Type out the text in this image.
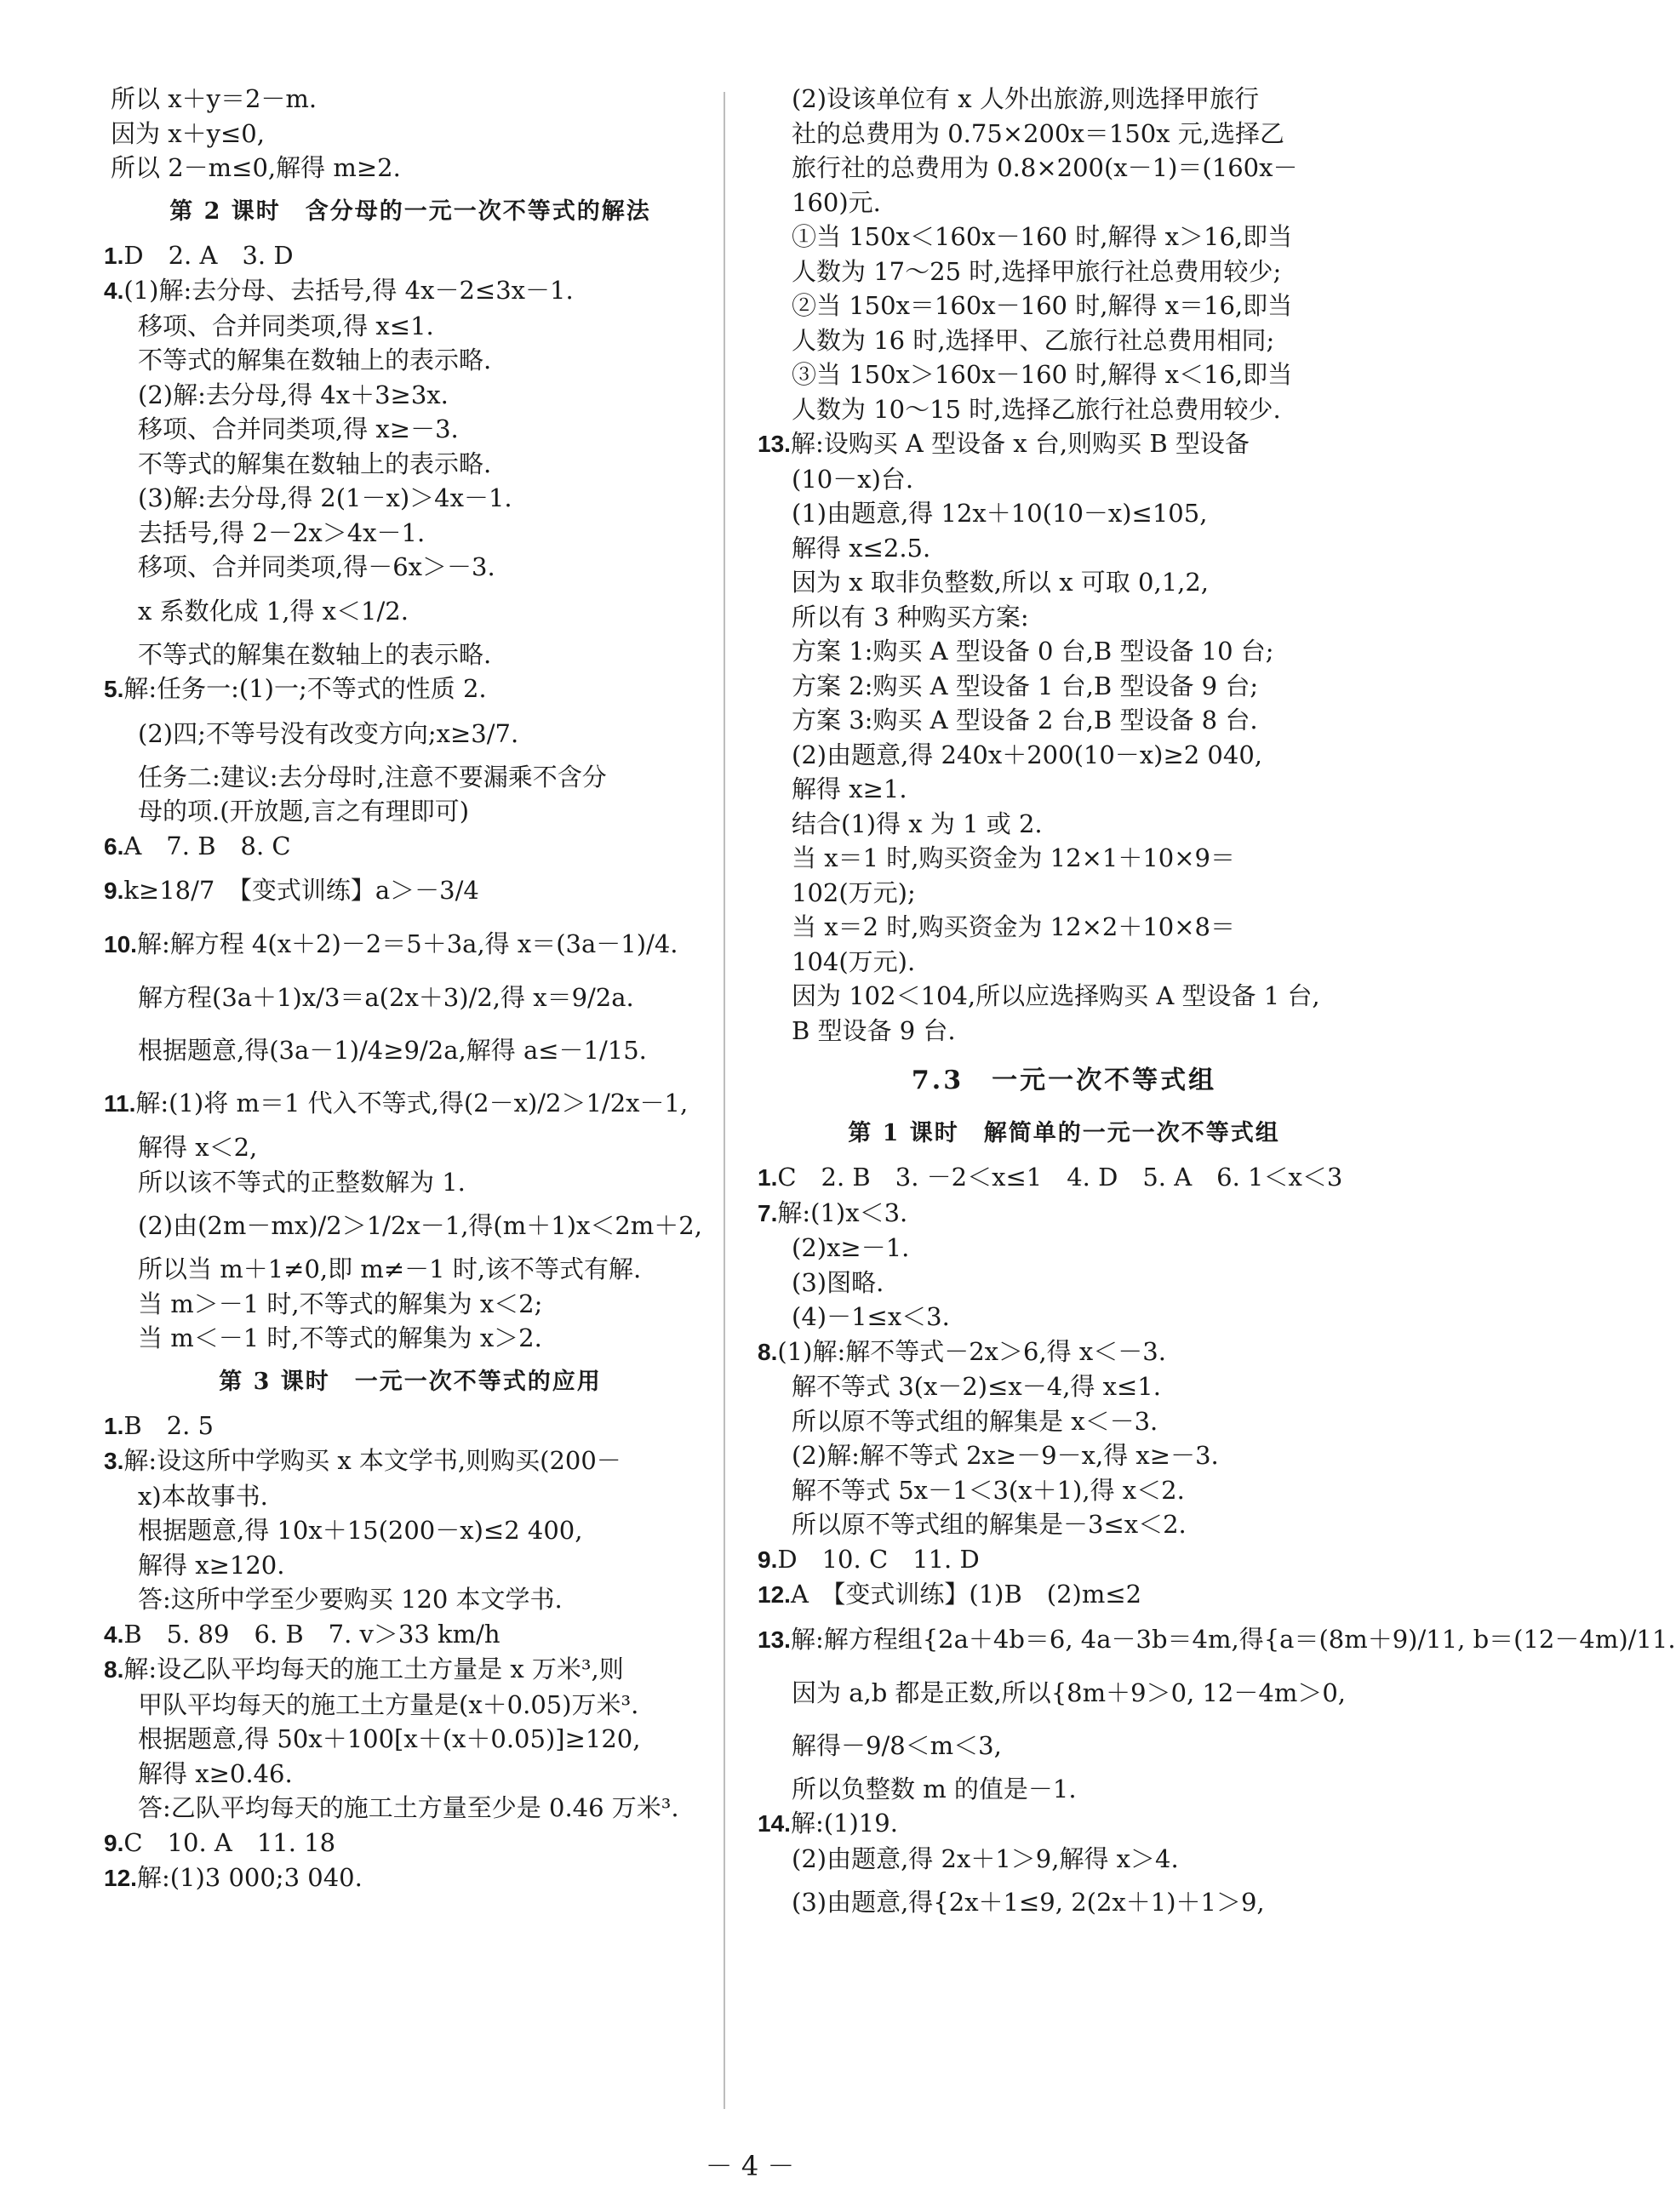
所以 x＋y＝2－m.
因为 x＋y≤0,
所以 2－m≤0,解得 m≥2.
第 2 课时　含分母的一元一次不等式的解法
1.D　2. A　3. D
4.(1)解:去分母、去括号,得 4x－2≤3x－1.
移项、合并同类项,得 x≤1.
不等式的解集在数轴上的表示略.
(2)解:去分母,得 4x＋3≥3x.
移项、合并同类项,得 x≥－3.
不等式的解集在数轴上的表示略.
(3)解:去分母,得 2(1－x)＞4x－1.
去括号,得 2－2x＞4x－1.
移项、合并同类项,得－6x＞－3.
x 系数化成 1,得 x＜1/2.
不等式的解集在数轴上的表示略.
5.解:任务一:(1)一;不等式的性质 2.
(2)四;不等号没有改变方向;x≥3/7.
任务二:建议:去分母时,注意不要漏乘不含分
母的项.(开放题,言之有理即可)
6.A　7. B　8. C
9.k≥18/7　【变式训练】a＞－3/4
10.解:解方程 4(x＋2)－2＝5＋3a,得 x＝(3a－1)/4.
解方程(3a＋1)x/3＝a(2x＋3)/2,得 x＝9/2a.
根据题意,得(3a－1)/4≥9/2a,解得 a≤－1/15.
11.解:(1)将 m＝1 代入不等式,得(2－x)/2＞1/2x－1,
解得 x＜2,
所以该不等式的正整数解为 1.
(2)由(2m－mx)/2＞1/2x－1,得(m＋1)x＜2m＋2,
所以当 m＋1≠0,即 m≠－1 时,该不等式有解.
当 m＞－1 时,不等式的解集为 x＜2;
当 m＜－1 时,不等式的解集为 x＞2.
第 3 课时　一元一次不等式的应用
1.B　2. 5
3.解:设这所中学购买 x 本文学书,则购买(200－
x)本故事书.
根据题意,得 10x＋15(200－x)≤2 400,
解得 x≥120.
答:这所中学至少要购买 120 本文学书.
4.B　5. 89　6. B　7. v＞33 km/h
8.解:设乙队平均每天的施工土方量是 x 万米³,则
甲队平均每天的施工土方量是(x＋0.05)万米³.
根据题意,得 50x＋100[x＋(x＋0.05)]≥120,
解得 x≥0.46.
答:乙队平均每天的施工土方量至少是 0.46 万米³.
9.C　10. A　11. 18
12.解:(1)3 000;3 040.
(2)设该单位有 x 人外出旅游,则选择甲旅行
社的总费用为 0.75×200x＝150x 元,选择乙
旅行社的总费用为 0.8×200(x－1)＝(160x－
160)元.
①当 150x＜160x－160 时,解得 x＞16,即当
人数为 17～25 时,选择甲旅行社总费用较少;
②当 150x＝160x－160 时,解得 x＝16,即当
人数为 16 时,选择甲、乙旅行社总费用相同;
③当 150x＞160x－160 时,解得 x＜16,即当
人数为 10～15 时,选择乙旅行社总费用较少.
13.解:设购买 A 型设备 x 台,则购买 B 型设备
(10－x)台.
(1)由题意,得 12x＋10(10－x)≤105,
解得 x≤2.5.
因为 x 取非负整数,所以 x 可取 0,1,2,
所以有 3 种购买方案:
方案 1:购买 A 型设备 0 台,B 型设备 10 台;
方案 2:购买 A 型设备 1 台,B 型设备 9 台;
方案 3:购买 A 型设备 2 台,B 型设备 8 台.
(2)由题意,得 240x＋200(10－x)≥2 040,
解得 x≥1.
结合(1)得 x 为 1 或 2.
当 x＝1 时,购买资金为 12×1＋10×9＝
102(万元);
当 x＝2 时,购买资金为 12×2＋10×8＝
104(万元).
因为 102＜104,所以应选择购买 A 型设备 1 台,
B 型设备 9 台.
7.3　一元一次不等式组
第 1 课时　解简单的一元一次不等式组
1.C　2. B　3. －2＜x≤1　4. D　5. A　6. 1＜x＜3
7.解:(1)x＜3.
(2)x≥－1.
(3)图略.
(4)－1≤x＜3.
8.(1)解:解不等式－2x＞6,得 x＜－3.
解不等式 3(x－2)≤x－4,得 x≤1.
所以原不等式组的解集是 x＜－3.
(2)解:解不等式 2x≥－9－x,得 x≥－3.
解不等式 5x－1＜3(x＋1),得 x＜2.
所以原不等式组的解集是－3≤x＜2.
9.D　10. C　11. D
12.A　【变式训练】(1)B　(2)m≤2
13.解:解方程组{2a＋4b＝6, 4a－3b＝4m,得{a＝(8m＋9)/11, b＝(12－4m)/11.
因为 a,b 都是正数,所以{8m＋9＞0, 12－4m＞0,
解得－9/8＜m＜3,
所以负整数 m 的值是－1.
14.解:(1)19.
(2)由题意,得 2x＋1＞9,解得 x＞4.
(3)由题意,得{2x＋1≤9, 2(2x＋1)＋1＞9,
－ 4 －
